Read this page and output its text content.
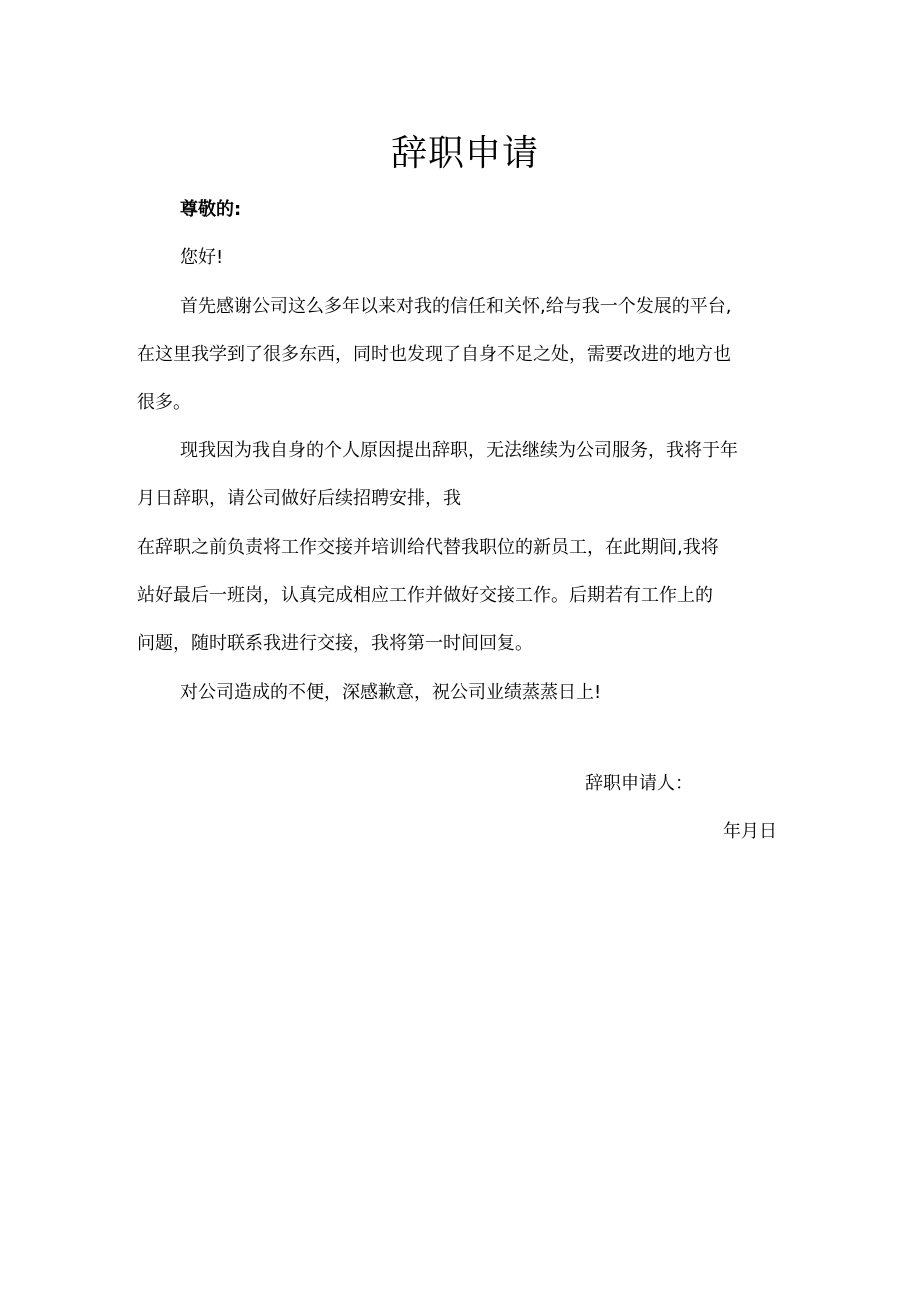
辞职申请
尊敬的:
您好!
首先感谢公司这么多年以来对我的信任和关怀,给与我一个发展的平台,
在这里我学到了很多东西，同时也发现了自身不足之处，需要改进的地方也
很多。
现我因为我自身的个人原因提出辞职，无法继续为公司服务，我将于年
月日辞职，请公司做好后续招聘安排，我
在辞职之前负责将工作交接并培训给代替我职位的新员工，在此期间,我将
站好最后一班岗，认真完成相应工作并做好交接工作。后期若有工作上的
问题，随时联系我进行交接，我将第一时间回复。
对公司造成的不便，深感歉意，祝公司业绩蒸蒸日上!
辞职申请人：
年月日
